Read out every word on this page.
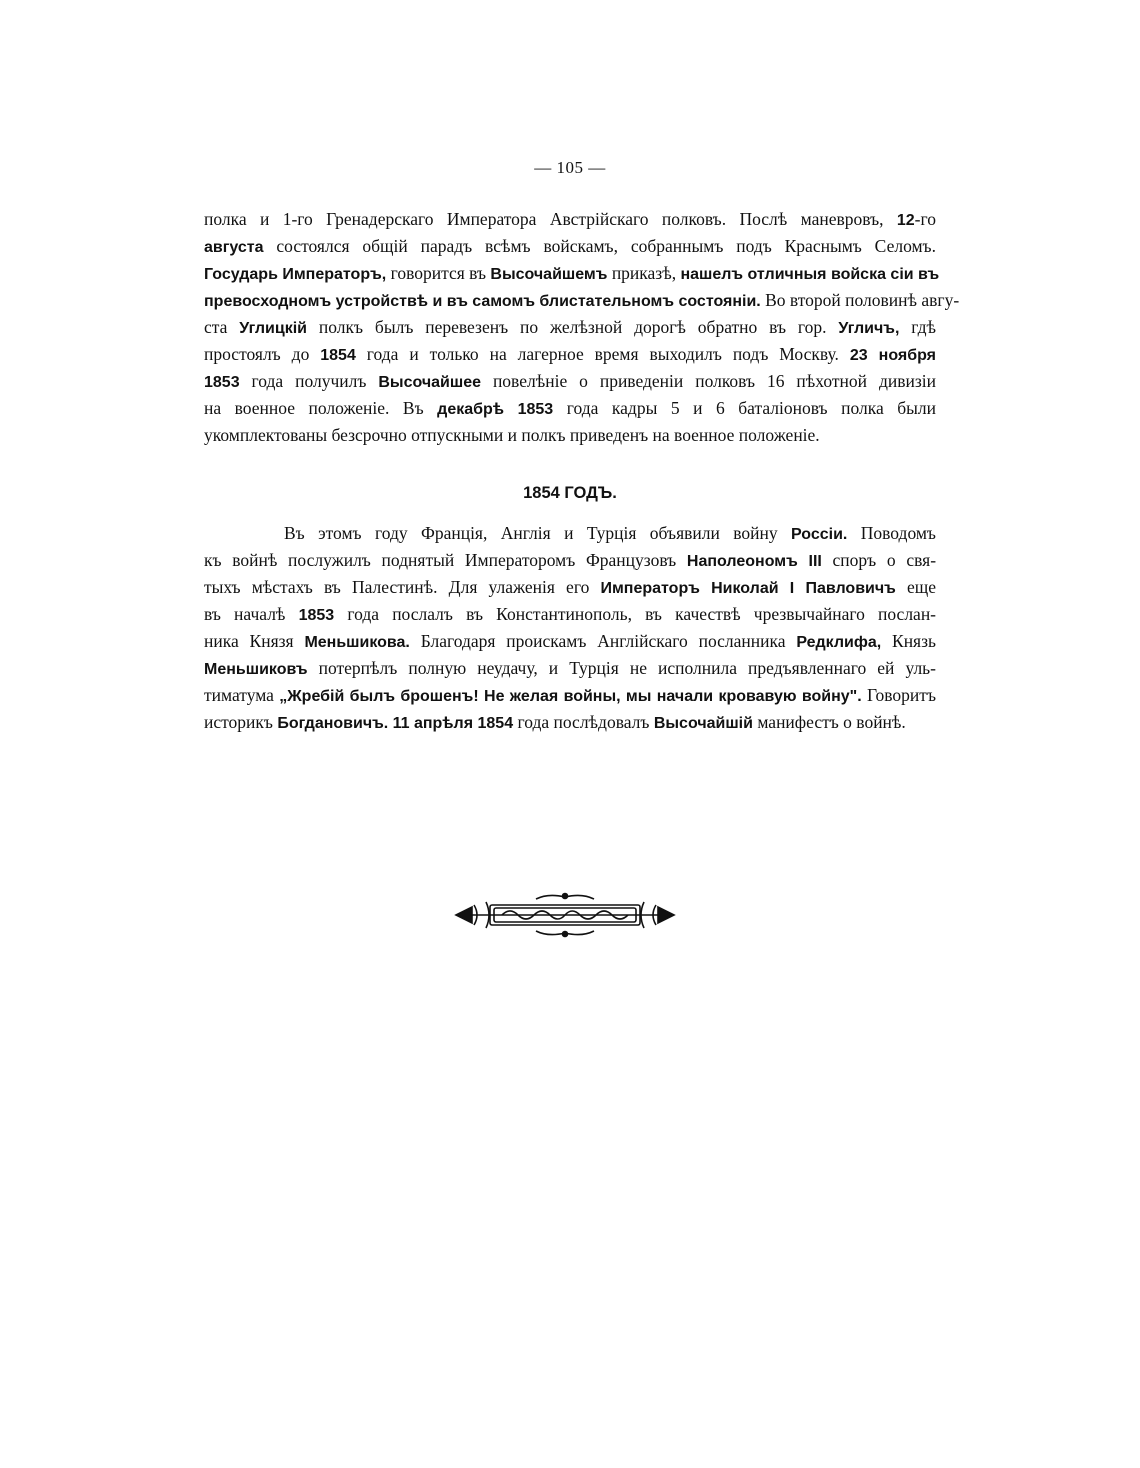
— 105 —
полка и 1-го Гренадерскаго Императора Австрійскаго полковъ. Послѣ маневровъ, 12-го
августа состоялся общій парадъ всѣмъ войскамъ, собраннымъ подъ Краснымъ Селомъ.
Государь Императоръ, говорится въ Высочайшемъ приказѣ, нашелъ отличныя войска сіи въ
превосходномъ устройствѣ и въ самомъ блистательномъ состояніи. Во второй половинѣ авгу-
ста Углицкій полкъ былъ перевезенъ по желѣзной дорогѣ обратно въ гор. Угличъ, гдѣ
простоялъ до 1854 года и только на лагерное время выходилъ подъ Москву. 23 ноября
1853 года получилъ Высочайшее повелѣніе о приведеніи полковъ 16 пѣхотной дивизіи
на военное положеніе. Въ декабрѣ 1853 года кадры 5 и 6 баталіоновъ полка были
укомплектованы безсрочно отпускными и полкъ приведенъ на военное положеніе.
1854 ГОДЪ.
Въ этомъ году Франція, Англія и Турція объявили войну Россіи. Поводомъ
къ войнѣ послужилъ поднятый Императоромъ Французовъ Наполеономъ III споръ о свя-
тыхъ мѣстахъ въ Палестинѣ. Для улаженія его Императоръ Николай I Павловичъ еще
въ началѣ 1853 года послалъ въ Константинополь, въ качествѣ чрезвычайнаго послан-
ника Князя Меньшикова. Благодаря проискамъ Англійскаго посланника Редклифа, Князь
Меньшиковъ потерпѣлъ полную неудачу, и Турція не исполнила предъявленнаго ей уль-
тиматума „Жребій былъ брошенъ! Не желая войны, мы начали кровавую войну". Говоритъ
историкъ Богдановичъ. 11 апрѣля 1854 года послѣдовалъ Высочайшій манифестъ о войнѣ.
